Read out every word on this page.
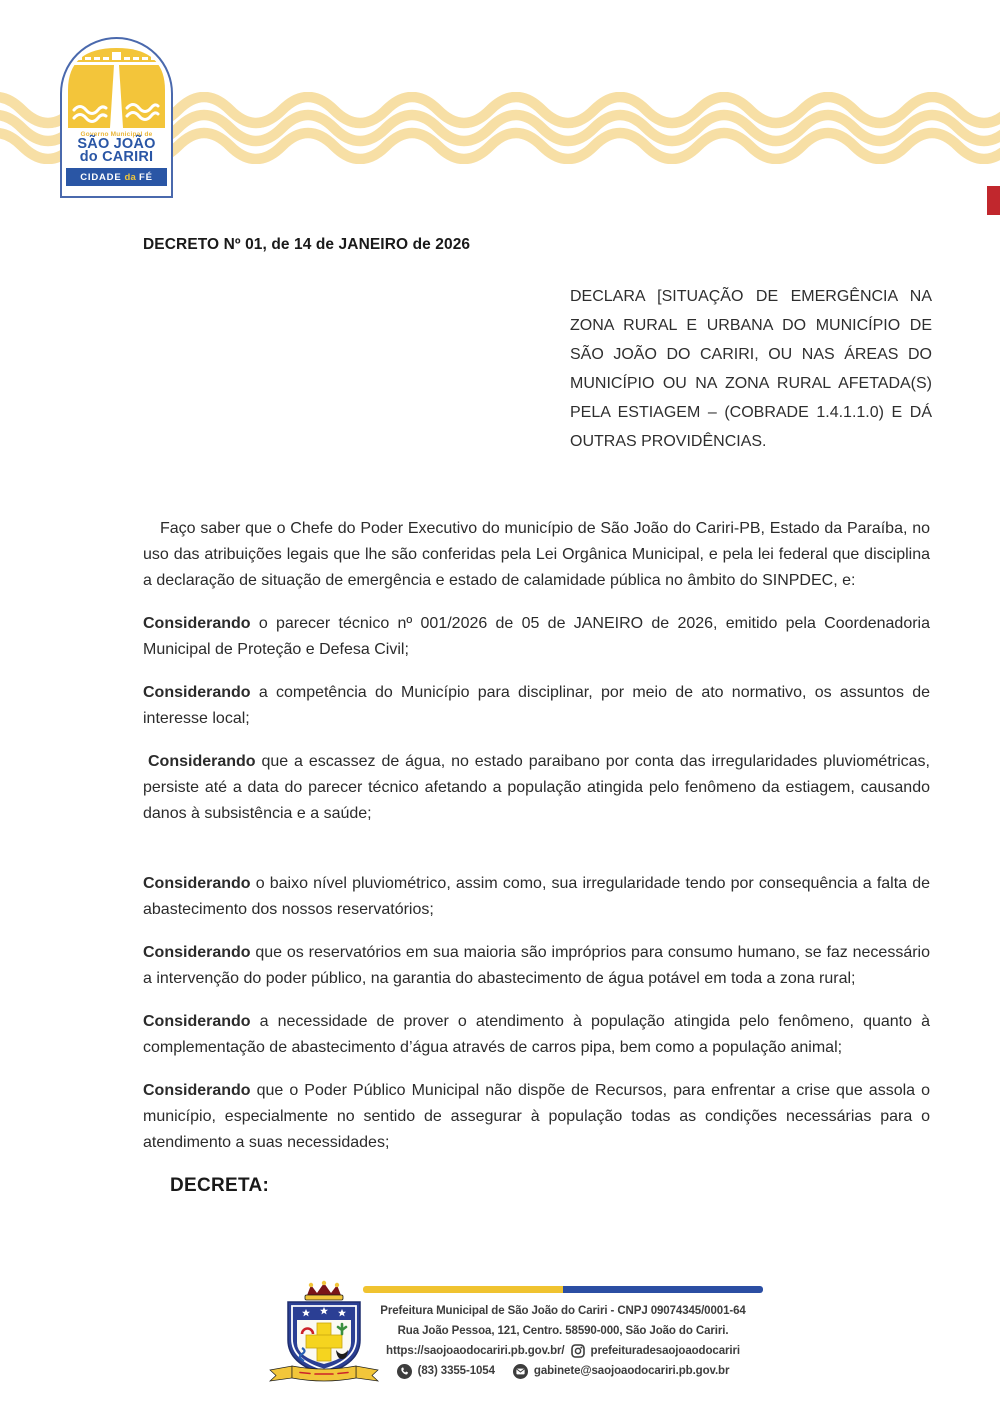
Governo Municipal de
SÃO JOÃO
do CARIRI
CIDADE da FÉ
DECRETO Nº 01, de 14 de JANEIRO de 2026
DECLARA [SITUAÇÃO DE EMERGÊNCIA NA ZONA RURAL E URBANA DO MUNICÍPIO DE SÃO JOÃO DO CARIRI, OU NAS ÁREAS DO MUNICÍPIO OU NA ZONA RURAL AFETADA(S) PELA ESTIAGEM – (COBRADE 1.4.1.1.0) E DÁ OUTRAS PROVIDÊNCIAS.

Faço saber que o Chefe do Poder Executivo do município de São João do Cariri-PB, Estado da Paraíba, no uso das atribuições legais que lhe são conferidas pela Lei Orgânica Municipal, e pela lei federal que disciplina a declaração de situação de emergência e estado de calamidade pública no âmbito do SINPDEC, e:

Considerando o parecer técnico nº 001/2026 de 05 de JANEIRO de 2026, emitido pela Coordenadoria Municipal de Proteção e Defesa Civil;

Considerando a competência do Município para disciplinar, por meio de ato normativo, os assuntos de interesse local;

Considerando que a escassez de água, no estado paraibano por conta das irregularidades pluviométricas, persiste até a data do parecer técnico afetando a população atingida pelo fenômeno da estiagem, causando danos à subsistência e a saúde;

Considerando o baixo nível pluviométrico, assim como, sua irregularidade tendo por consequência a falta de abastecimento dos nossos reservatórios;

Considerando que os reservatórios em sua maioria são impróprios para consumo humano, se faz necessário a intervenção do poder público, na garantia do abastecimento de água potável em toda a zona rural;

Considerando a necessidade de prover o atendimento à população atingida pelo fenômeno, quanto à complementação de abastecimento d’água através de carros pipa, bem como a população animal;

Considerando que o Poder Público Municipal não dispõe de Recursos, para enfrentar a crise que assola o município, especialmente no sentido de assegurar à população todas as condições necessárias para o atendimento a suas necessidades;

DECRETA:
Prefeitura Municipal de São João do Cariri - CNPJ 09074345/0001-64
Rua João Pessoa, 121, Centro. 58590-000, São João do Cariri.
https://saojoaodocariri.pb.gov.br/ prefeituradesaojoaodocariri
(83) 3355-1054	gabinete@saojoaodocariri.pb.gov.br
